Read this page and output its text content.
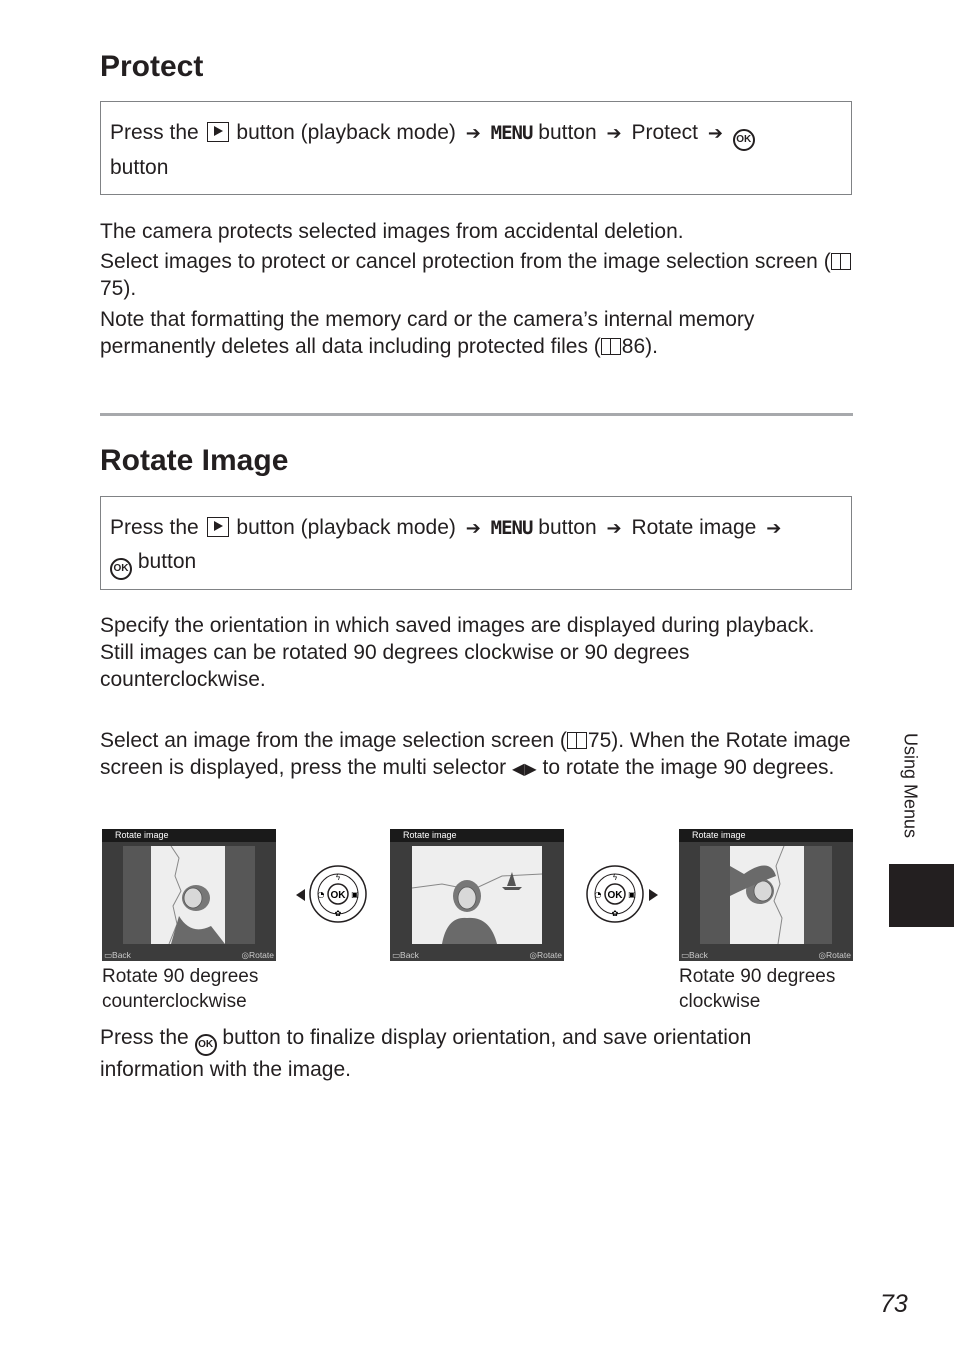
Protect
Press the button (playback mode) ➔ MENU button ➔ Protect ➔ OK
button

The camera protects selected images from accidental deletion.

Select images to protect or cancel protection from the image selection screen (75).

Note that formatting the memory card or the camera’s internal memory permanently deletes all data including protected files ( 86).

Rotate Image
Press the button (playback mode) ➔ MENU button ➔ Rotate image ➔
OK button

Specify the orientation in which saved images are displayed during playback. Still images can be rotated 90 degrees clockwise or 90 degrees counterclockwise.

Select an image from the image selection screen ( 75). When the Rotate image screen is displayed, press the multi selector ◀▶ to rotate the image 90 degrees.

Rotate image
▭Back	◎Rotate
OK
ϟ
◔	▣
✿
Rotate image
▭Back	◎Rotate
OK
ϟ
◔	▣
✿
Rotate image
▭Back	◎Rotate
Rotate 90 degrees counterclockwise
Rotate 90 degrees clockwise

Press the OK button to finalize display orientation, and save orientation information with the image.

Using Menus
73
